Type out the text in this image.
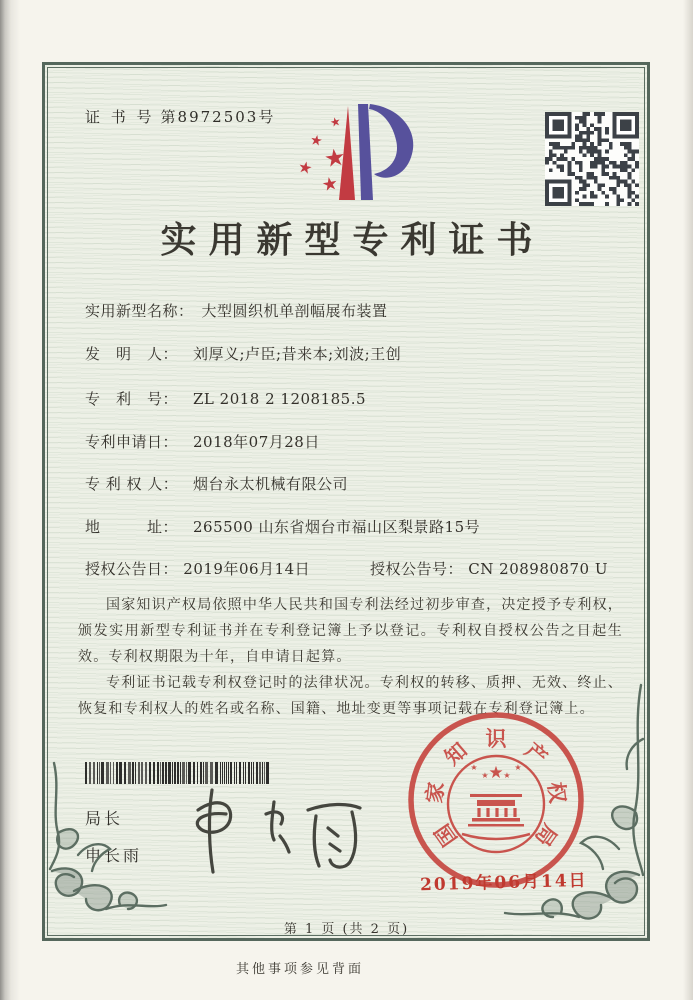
证 书 号 第8972503号	★
★
★
★
★
实用新型专利证书
实用新型名称： 大型圆织机单剖幅展布装置
发　明　人： 刘厚义;卢臣;昔来本;刘波;王创
专　利　号： ZL 2018 2 1208185.5
专利申请日： 2018年07月28日
专 利 权 人： 烟台永太机械有限公司
地　　　址： 265500 山东省烟台市福山区梨景路15号
授权公告日： 2019年06月14日	授权公告号： CN 208980870 U

国家知识产权局依照中华人民共和国专利法经过初步审查，决定授予专利权，颁发实用新型专利证书并在专利登记簿上予以登记。专利权自授权公告之日起生效。专利权期限为十年，自申请日起算。

专利证书记载专利权登记时的法律状况。专利权的转移、质押、无效、终止、恢复和专利权人的姓名或名称、国籍、地址变更等事项记载在专利登记簿上。

局长
申长雨
国
家
知 识 产
权
局
★
★
★ ★
★
2019年06月14日
第 1 页 (共 2 页)
其他事项参见背面
